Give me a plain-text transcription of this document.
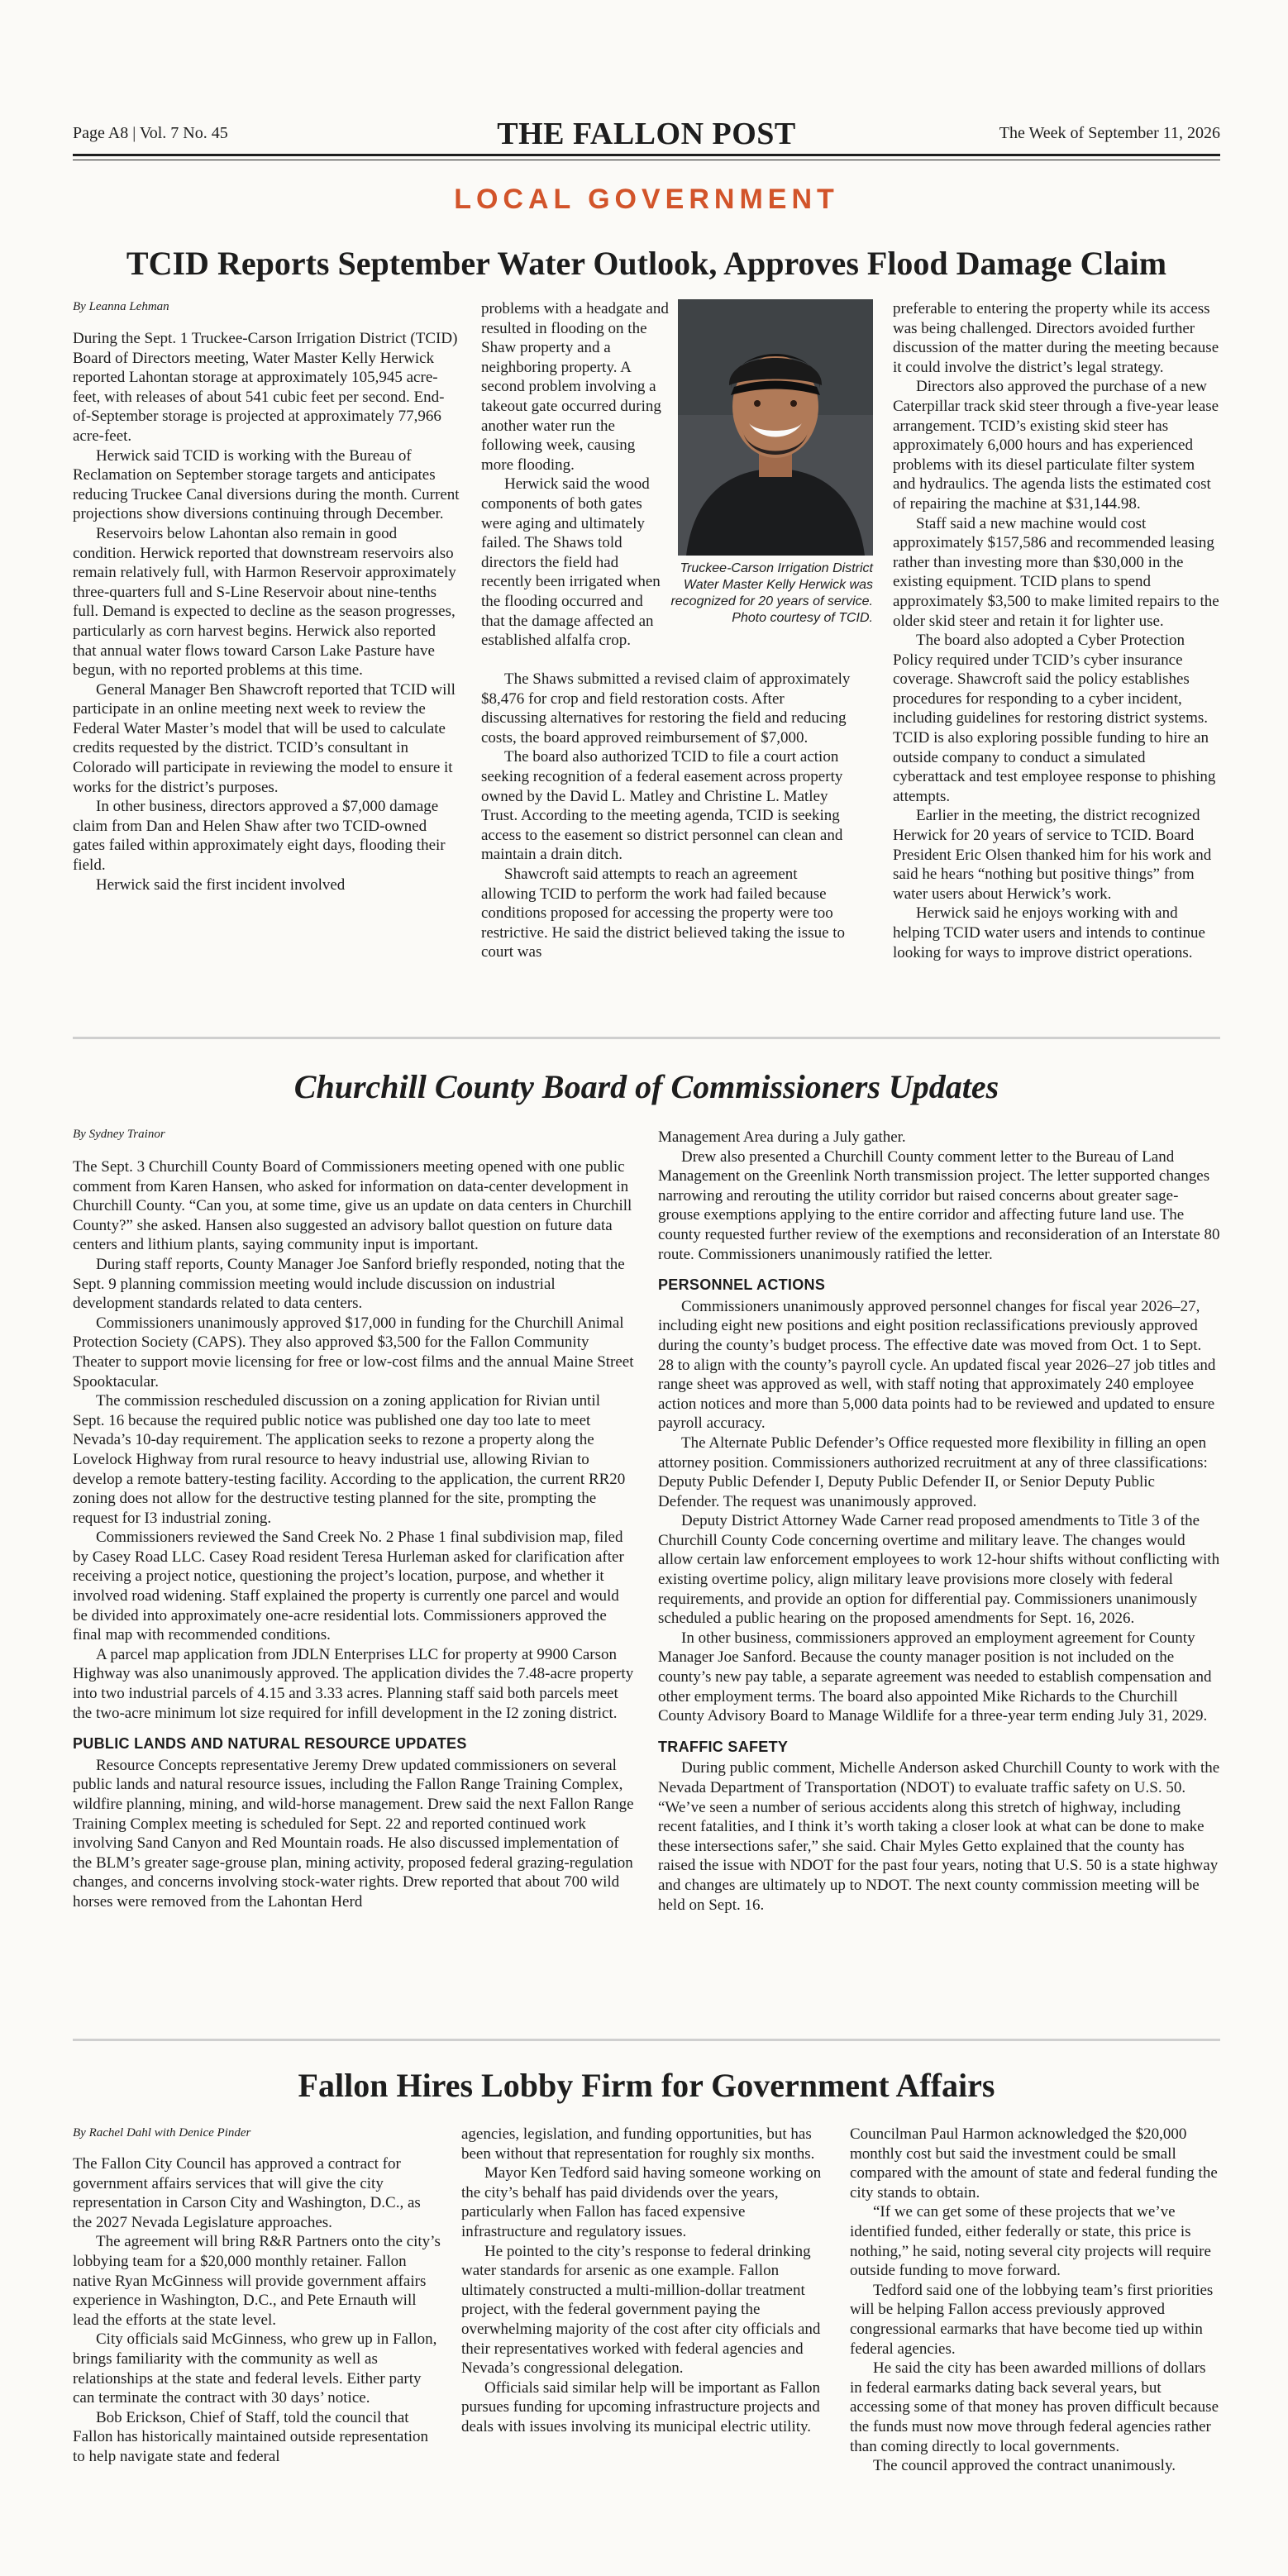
Page A8 | Vol. 7 No. 45	THE FALLON POST	The Week of September 11, 2026
LOCAL GOVERNMENT
TCID Reports September Water Outlook, Approves Flood Damage Claim
By Leanna Lehman

During the Sept. 1 Truckee-Carson Irrigation District (TCID) Board of Directors meeting, Water Master Kelly Herwick reported Lahontan storage at approximately 105,945 acre-feet, with releases of about 541 cubic feet per second. End-of-September storage is projected at approximately 77,966 acre-feet.

Herwick said TCID is working with the Bureau of Reclamation on September storage targets and anticipates reducing Truckee Canal diversions during the month. Current projections show diversions continuing through December.

Reservoirs below Lahontan also remain in good condition. Herwick reported that downstream reservoirs also remain relatively full, with Harmon Reservoir approximately three-quarters full and S-Line Reservoir about nine-tenths full. Demand is expected to decline as the season progresses, particularly as corn harvest begins. Herwick also reported that annual water flows toward Carson Lake Pasture have begun, with no reported problems at this time.

General Manager Ben Shawcroft reported that TCID will participate in an online meeting next week to review the Federal Water Master’s model that will be used to calculate credits requested by the district. TCID’s consultant in Colorado will participate in reviewing the model to ensure it works for the district’s purposes.

In other business, directors approved a $7,000 damage claim from Dan and Helen Shaw after two TCID-owned gates failed within approximately eight days, flooding their field.

Herwick said the first incident involved

problems with a headgate and resulted in flooding on the Shaw property and a neighboring property. A second problem involving a takeout gate occurred during another water run the following week, causing more flooding.

Herwick said the wood components of both gates were aging and ultimately failed. The Shaws told directors the field had recently been irrigated when the flooding occurred and that the damage affected an established alfalfa crop.

The Shaws submitted a revised claim of approximately $8,476 for crop and field restoration costs. After discussing alternatives for restoring the field and reducing costs, the board approved reimbursement of $7,000.

The board also authorized TCID to file a court action seeking recognition of a federal easement across property owned by the David L. Matley and Christine L. Matley Trust. According to the meeting agenda, TCID is seeking access to the easement so district personnel can clean and maintain a drain ditch.

Shawcroft said attempts to reach an agreement allowing TCID to perform the work had failed because conditions proposed for accessing the property were too restrictive. He said the district believed taking the issue to court was

preferable to entering the property while its access was being challenged. Directors avoided further discussion of the matter during the meeting because it could involve the district’s legal strategy.

Directors also approved the purchase of a new Caterpillar track skid steer through a five-year lease arrangement. TCID’s existing skid steer has approximately 6,000 hours and has experienced problems with its diesel particulate filter system and hydraulics. The agenda lists the estimated cost of repairing the machine at $31,144.98.

Staff said a new machine would cost approximately $157,586 and recommended leasing rather than investing more than $30,000 in the existing equipment. TCID plans to spend approximately $3,500 to make limited repairs to the older skid steer and retain it for lighter use.

The board also adopted a Cyber Protection Policy required under TCID’s cyber insurance coverage. Shawcroft said the policy establishes procedures for responding to a cyber incident, including guidelines for restoring district systems. TCID is also exploring possible funding to hire an outside company to conduct a simulated cyberattack and test employee response to phishing attempts.

Earlier in the meeting, the district recognized Herwick for 20 years of service to TCID. Board President Eric Olsen thanked him for his work and said he hears “nothing but positive things” from water users about Herwick’s work.

Herwick said he enjoys working with and helping TCID water users and intends to continue looking for ways to improve district operations.

Truckee-Carson Irrigation District Water Master Kelly Herwick was recognized for 20 years of service. Photo courtesy of TCID.
Churchill County Board of Commissioners Updates
By Sydney Trainor

The Sept. 3 Churchill County Board of Commissioners meeting opened with one public comment from Karen Hansen, who asked for information on data-center development in Churchill County. “Can you, at some time, give us an update on data centers in Churchill County?” she asked. Hansen also suggested an advisory ballot question on future data centers and lithium plants, saying community input is important.

During staff reports, County Manager Joe Sanford briefly responded, noting that the Sept. 9 planning commission meeting would include discussion on industrial development standards related to data centers.

Commissioners unanimously approved $17,000 in funding for the Churchill Animal Protection Society (CAPS). They also approved $3,500 for the Fallon Community Theater to support movie licensing for free or low-cost films and the annual Maine Street Spooktacular.

The commission rescheduled discussion on a zoning application for Rivian until Sept. 16 because the required public notice was published one day too late to meet Nevada’s 10-day requirement. The application seeks to rezone a property along the Lovelock Highway from rural resource to heavy industrial use, allowing Rivian to develop a remote battery-testing facility. According to the application, the current RR20 zoning does not allow for the destructive testing planned for the site, prompting the request for I3 industrial zoning.

Commissioners reviewed the Sand Creek No. 2 Phase 1 final subdivision map, filed by Casey Road LLC. Casey Road resident Teresa Hurleman asked for clarification after receiving a project notice, questioning the project’s location, purpose, and whether it involved road widening. Staff explained the property is currently one parcel and would be divided into approximately one-acre residential lots. Commissioners approved the final map with recommended conditions.

A parcel map application from JDLN Enterprises LLC for property at 9900 Carson Highway was also unanimously approved. The application divides the 7.48-acre property into two industrial parcels of 4.15 and 3.33 acres. Planning staff said both parcels meet the two-acre minimum lot size required for infill development in the I2 zoning district.

PUBLIC LANDS AND NATURAL RESOURCE UPDATES

Resource Concepts representative Jeremy Drew updated commissioners on several public lands and natural resource issues, including the Fallon Range Training Complex, wildfire planning, mining, and wild-horse management. Drew said the next Fallon Range Training Complex meeting is scheduled for Sept. 22 and reported continued work involving Sand Canyon and Red Mountain roads. He also discussed implementation of the BLM’s greater sage-grouse plan, mining activity, proposed federal grazing-regulation changes, and concerns involving stock-water rights. Drew reported that about 700 wild horses were removed from the Lahontan Herd

Management Area during a July gather.

Drew also presented a Churchill County comment letter to the Bureau of Land Management on the Greenlink North transmission project. The letter supported changes narrowing and rerouting the utility corridor but raised concerns about greater sage-grouse exemptions applying to the entire corridor and affecting future land use. The county requested further review of the exemptions and reconsideration of an Interstate 80 route. Commissioners unanimously ratified the letter.

PERSONNEL ACTIONS

Commissioners unanimously approved personnel changes for fiscal year 2026–27, including eight new positions and eight position reclassifications previously approved during the county’s budget process. The effective date was moved from Oct. 1 to Sept. 28 to align with the county’s payroll cycle. An updated fiscal year 2026–27 job titles and range sheet was approved as well, with staff noting that approximately 240 employee action notices and more than 5,000 data points had to be reviewed and updated to ensure payroll accuracy.

The Alternate Public Defender’s Office requested more flexibility in filling an open attorney position. Commissioners authorized recruitment at any of three classifications: Deputy Public Defender I, Deputy Public Defender II, or Senior Deputy Public Defender. The request was unanimously approved.

Deputy District Attorney Wade Carner read proposed amendments to Title 3 of the Churchill County Code concerning overtime and military leave. The changes would allow certain law enforcement employees to work 12-hour shifts without conflicting with existing overtime policy, align military leave provisions more closely with federal requirements, and provide an option for differential pay. Commissioners unanimously scheduled a public hearing on the proposed amendments for Sept. 16, 2026.

In other business, commissioners approved an employment agreement for County Manager Joe Sanford. Because the county manager position is not included on the county’s new pay table, a separate agreement was needed to establish compensation and other employment terms. The board also appointed Mike Richards to the Churchill County Advisory Board to Manage Wildlife for a three-year term ending July 31, 2029.

TRAFFIC SAFETY

During public comment, Michelle Anderson asked Churchill County to work with the Nevada Department of Transportation (NDOT) to evaluate traffic safety on U.S. 50. “We’ve seen a number of serious accidents along this stretch of highway, including recent fatalities, and I think it’s worth taking a closer look at what can be done to make these intersections safer,” she said. Chair Myles Getto explained that the county has raised the issue with NDOT for the past four years, noting that U.S. 50 is a state highway and changes are ultimately up to NDOT. The next county commission meeting will be held on Sept. 16.

Fallon Hires Lobby Firm for Government Affairs
By Rachel Dahl with Denice Pinder

The Fallon City Council has approved a contract for government affairs services that will give the city representation in Carson City and Washington, D.C., as the 2027 Nevada Legislature approaches.

The agreement will bring R&R Partners onto the city’s lobbying team for a $20,000 monthly retainer. Fallon native Ryan McGinness will provide government affairs experience in Washington, D.C., and Pete Ernauth will lead the efforts at the state level.

City officials said McGinness, who grew up in Fallon, brings familiarity with the community as well as relationships at the state and federal levels. Either party can terminate the contract with 30 days’ notice.

Bob Erickson, Chief of Staff, told the council that Fallon has historically maintained outside representation to help navigate state and federal

agencies, legislation, and funding opportunities, but has been without that representation for roughly six months.

Mayor Ken Tedford said having someone working on the city’s behalf has paid dividends over the years, particularly when Fallon has faced expensive infrastructure and regulatory issues.

He pointed to the city’s response to federal drinking water standards for arsenic as one example. Fallon ultimately constructed a multi-million-dollar treatment project, with the federal government paying the overwhelming majority of the cost after city officials and their representatives worked with federal agencies and Nevada’s congressional delegation.

Officials said similar help will be important as Fallon pursues funding for upcoming infrastructure projects and deals with issues involving its municipal electric utility.

Councilman Paul Harmon acknowledged the $20,000 monthly cost but said the investment could be small compared with the amount of state and federal funding the city stands to obtain.

“If we can get some of these projects that we’ve identified funded, either federally or state, this price is nothing,” he said, noting several city projects will require outside funding to move forward.

Tedford said one of the lobbying team’s first priorities will be helping Fallon access previously approved congressional earmarks that have become tied up within federal agencies.

He said the city has been awarded millions of dollars in federal earmarks dating back several years, but accessing some of that money has proven difficult because the funds must now move through federal agencies rather than coming directly to local governments.

The council approved the contract unanimously.
